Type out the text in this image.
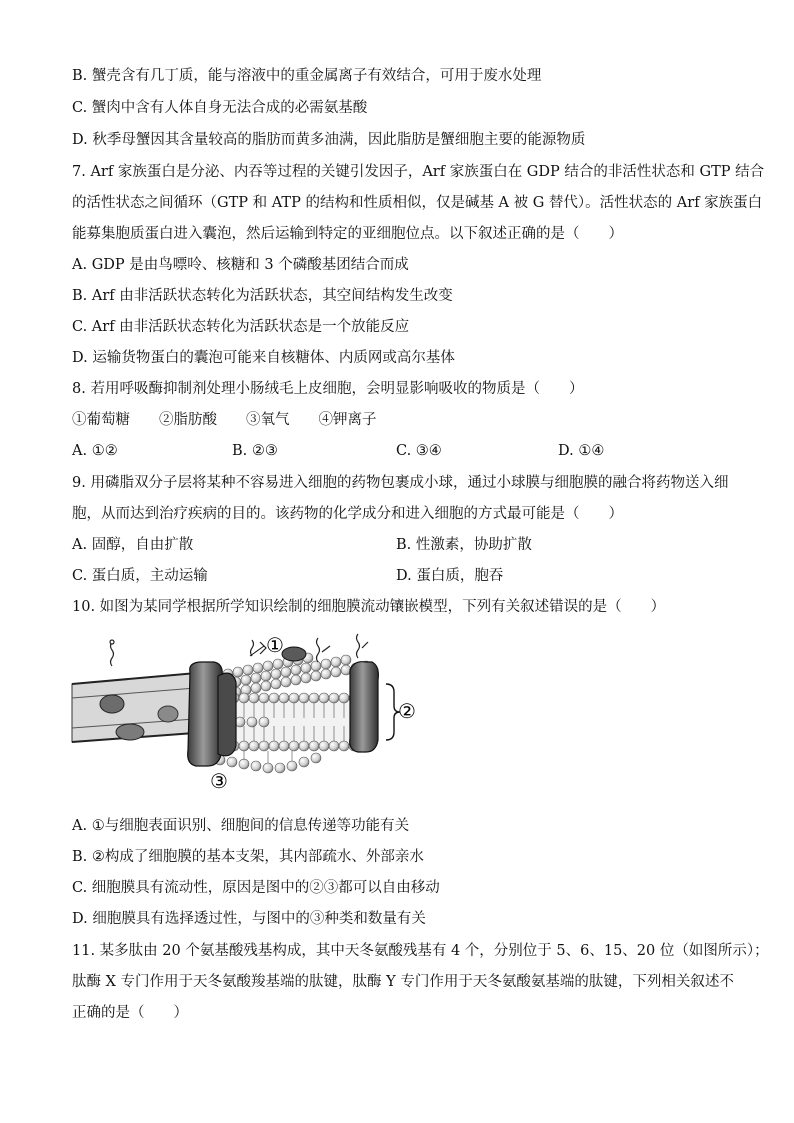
B. 蟹壳含有几丁质，能与溶液中的重金属离子有效结合，可用于废水处理
C. 蟹肉中含有人体自身无法合成的必需氨基酸
D. 秋季母蟹因其含量较高的脂肪而黄多油满，因此脂肪是蟹细胞主要的能源物质
7. Arf 家族蛋白是分泌、内吞等过程的关键引发因子，Arf 家族蛋白在 GDP 结合的非活性状态和 GTP 结合
的活性状态之间循环（GTP 和 ATP 的结构和性质相似，仅是碱基 A 被 G 替代）。活性状态的 Arf 家族蛋白
能募集胞质蛋白进入囊泡，然后运输到特定的亚细胞位点。以下叙述正确的是（　　）
A. GDP 是由鸟嘌呤、核糖和 3 个磷酸基团结合而成
B. Arf 由非活跃状态转化为活跃状态，其空间结构发生改变
C. Arf 由非活跃状态转化为活跃状态是一个放能反应
D. 运输货物蛋白的囊泡可能来自核糖体、内质网或高尔基体
8. 若用呼吸酶抑制剂处理小肠绒毛上皮细胞，会明显影响吸收的物质是（　　）
①葡萄糖　　②脂肪酸　　③氧气　　④钾离子
A. ①②	B. ②③	C. ③④	D. ①④
9. 用磷脂双分子层将某种不容易进入细胞的药物包裹成小球，通过小球膜与细胞膜的融合将药物送入细
胞，从而达到治疗疾病的目的。该药物的化学成分和进入细胞的方式最可能是（　　）
A. 固醇，自由扩散	B. 性激素，协助扩散
C. 蛋白质，主动运输	D. 蛋白质，胞吞
10. 如图为某同学根据所学知识绘制的细胞膜流动镶嵌模型，下列有关叙述错误的是（　　）
①
②
③
A. ①与细胞表面识别、细胞间的信息传递等功能有关
B. ②构成了细胞膜的基本支架，其内部疏水、外部亲水
C. 细胞膜具有流动性，原因是图中的②③都可以自由移动
D. 细胞膜具有选择透过性，与图中的③种类和数量有关
11. 某多肽由 20 个氨基酸残基构成，其中天冬氨酸残基有 4 个，分别位于 5、6、15、20 位（如图所示）；
肽酶 X 专门作用于天冬氨酸羧基端的肽键，肽酶 Y 专门作用于天冬氨酸氨基端的肽键，下列相关叙述不
正确的是（　　）
